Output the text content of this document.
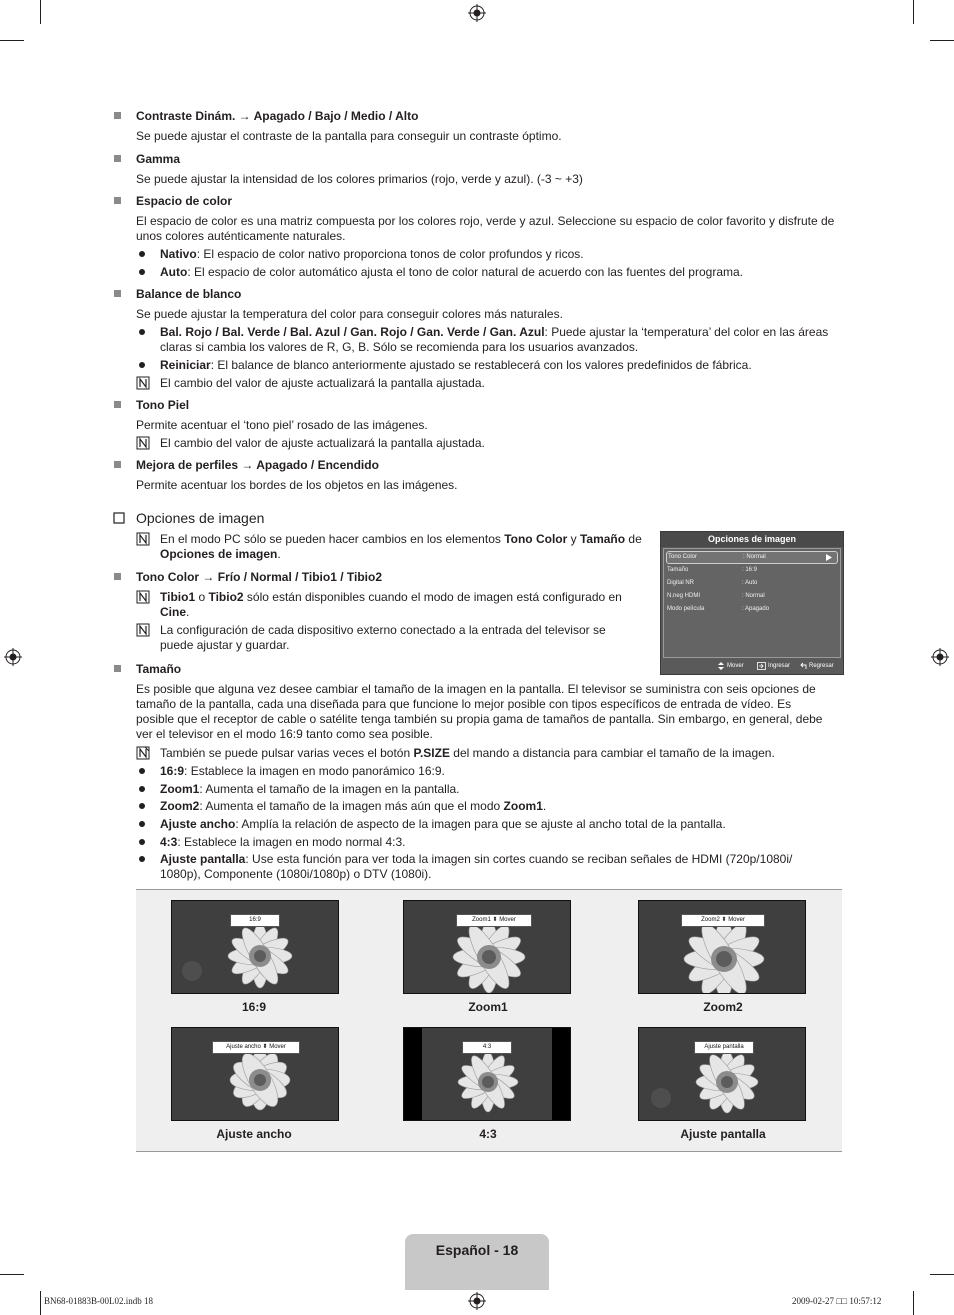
Contraste Dinám. → Apagado / Bajo / Medio / Alto
Se puede ajustar el contraste de la pantalla para conseguir un contraste óptimo.
Gamma
Se puede ajustar la intensidad de los colores primarios (rojo, verde y azul). (-3 ~ +3)
Espacio de color
El espacio de color es una matriz compuesta por los colores rojo, verde y azul. Seleccione su espacio de color favorito y disfrute de unos colores auténticamente naturales.
Nativo: El espacio de color nativo proporciona tonos de color profundos y ricos.
Auto: El espacio de color automático ajusta el tono de color natural de acuerdo con las fuentes del programa.
Balance de blanco
Se puede ajustar la temperatura del color para conseguir colores más naturales.
Bal. Rojo / Bal. Verde / Bal. Azul / Gan. Rojo / Gan. Verde / Gan. Azul: Puede ajustar la ‘temperatura’ del color en las áreas claras si cambia los valores de R, G, B. Sólo se recomienda para los usuarios avanzados.
Reiniciar: El balance de blanco anteriormente ajustado se restablecerá con los valores predefinidos de fábrica.
El cambio del valor de ajuste actualizará la pantalla ajustada.
Tono Piel
Permite acentuar el ‘tono piel’ rosado de las imágenes.
El cambio del valor de ajuste actualizará la pantalla ajustada.
Mejora de perfiles → Apagado / Encendido
Permite acentuar los bordes de los objetos en las imágenes.
Opciones de imagen
En el modo PC sólo se pueden hacer cambios en los elementos Tono Color y Tamaño de Opciones de imagen.
Tono Color → Frío / Normal / Tibio1 / Tibio2
Tibio1 o Tibio2 sólo están disponibles cuando el modo de imagen está configurado en Cine.
La configuración de cada dispositivo externo conectado a la entrada del televisor se puede ajustar y guardar.
Opciones de imagen
Tono Color	: Normal
Tamaño	: 16:9
Digital NR	: Auto
N.neg HDMI	: Normal
Modo película	: Apagado
Mover	Ingresar	Regresar
Tamaño
Es posible que alguna vez desee cambiar el tamaño de la imagen en la pantalla. El televisor se suministra con seis opciones de tamaño de la pantalla, cada una diseñada para que funcione lo mejor posible con tipos específicos de entrada de vídeo. Es posible que el receptor de cable o satélite tenga también su propia gama de tamaños de pantalla. Sin embargo, en general, debe ver el televisor en el modo 16:9 tanto como sea posible.
También se puede pulsar varias veces el botón P.SIZE del mando a distancia para cambiar el tamaño de la imagen.
16:9: Establece la imagen en modo panorámico 16:9.
Zoom1: Aumenta el tamaño de la imagen en la pantalla.
Zoom2: Aumenta el tamaño de la imagen más aún que el modo Zoom1.
Ajuste ancho: Amplía la relación de aspecto de la imagen para que se ajuste al ancho total de la pantalla.
4:3: Establece la imagen en modo normal 4:3.
Ajuste pantalla: Use esta función para ver toda la imagen sin cortes cuando se reciban señales de HDMI (720p/1080i/ 1080p), Componente (1080i/1080p) o DTV (1080i).
16:9
16:9
Zoom1 ⬍ Mover
Zoom1
Zoom2 ⬍ Mover
Zoom2
Ajuste ancho ⬍ Mover
Ajuste ancho
4:3
4:3
Ajuste pantalla
Ajuste pantalla
Español - 18
BN68-01883B-00L02.indb 18	2009-02-27 □□ 10:57:12
